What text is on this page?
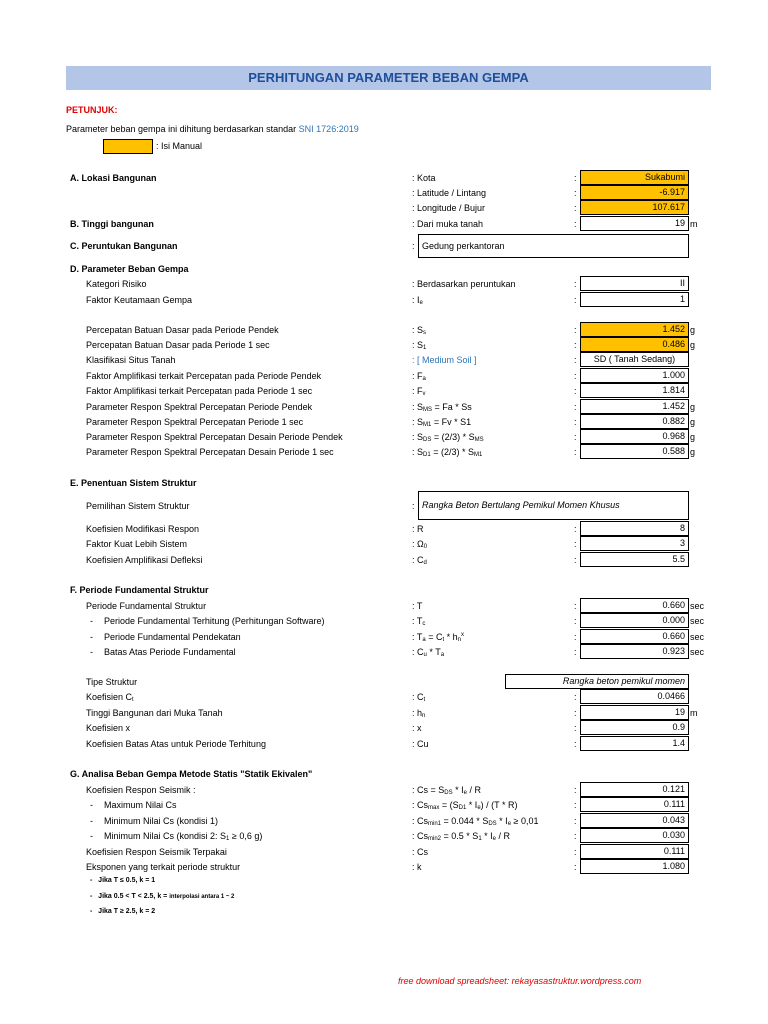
PERHITUNGAN PARAMETER BEBAN GEMPA
PETUNJUK:
Parameter beban gempa ini dihitung berdasarkan standar SNI 1726:2019
: Isi Manual
A. Lokasi Bangunan	: Kota	:	Sukabumi
: Latitude / Lintang	:	-6.917
: Longitude / Bujur	:	107.617
B. Tinggi bangunan	: Dari muka tanah	:	19 m
C. Peruntukan Bangunan	: Gedung perkantoran
D. Parameter Beban Gempa
Kategori Risiko	: Berdasarkan peruntukan	:	II
Faktor Keutamaan Gempa	: $I_e$	:	1
Percepatan Batuan Dasar pada Periode Pendek	: $S_s$	:	1.452 g
Percepatan Batuan Dasar pada Periode 1 sec	: $S_1$	:	0.486 g
Klasifikasi Situs Tanah	: [ Medium Soil ]	:	SD ( Tanah Sedang)
Faktor Amplifikasi terkait Percepatan pada Periode Pendek	: $F_a$	:	1.000
Faktor Amplifikasi terkait Percepatan pada Periode 1 sec	: $F_v$	:	1.814
Parameter Respon Spektral Percepatan Periode Pendek	: $S_{MS} = Fa * Ss$	:	1.452 g
Parameter Respon Spektral Percepatan Periode 1 sec	: $S_{M1} = Fv * S1$	:	0.882 g
Parameter Respon Spektral Percepatan Desain Periode Pendek	: $S_{DS} = (2/3) * S_{MS}$	:	0.968 g
Parameter Respon Spektral Percepatan Desain Periode 1 sec	: $S_{D1} = (2/3) * S_{M1}$	:	0.588 g
E. Penentuan Sistem Struktur
Pemilihan Sistem Struktur	: Rangka Beton Bertulang Pemikul Momen Khusus
Koefisien Modifikasi Respon	: R	:	8
Faktor Kuat Lebih Sistem	: $\Omega_0$	:	3
Koefisien Amplifikasi Defleksi	: $C_d$	:	5.5
F. Periode Fundamental Struktur
Periode Fundamental Struktur	: T	:	0.660 sec
- Periode Fundamental Terhitung (Perhitungan Software)	: $T_c$	:	0.000 sec
- Periode Fundamental Pendekatan	: $T_a = C_t * h_n^x$	:	0.660 sec
- Batas Atas Periode Fundamental	: $C_u * T_a$	:	0.923 sec
Tipe Struktur	Rangka beton pemikul momen
Koefisien $C_t$	: $C_t$	:	0.0466
Tinggi Bangunan dari Muka Tanah	: $h_n$	:	19 m
Koefisien x	: x	:	0.9
Koefisien Batas Atas untuk Periode Terhitung	: Cu	:	1.4
G. Analisa Beban Gempa Metode Statis "Statik Ekivalen"
Koefisien Respon Seismik :	: $Cs = S_{DS} * I_e / R$	:	0.121
- Maximum Nilai Cs	: $Cs_{max} = (S_{D1} * I_e) / (T * R)$	:	0.111
- Minimum Nilai Cs (kondisi 1)	: $Cs_{min1} = 0.044 * S_{DS} * I_e \ge 0,01$	:	0.043
- Minimum Nilai Cs (kondisi 2: $S_1 \ge 0,6$ g)	: $Cs_{min2} = 0.5 * S_1 * I_e / R$	:	0.030
Koefisien Respon Seismik Terpakai	: Cs	:	0.111
Eksponen yang terkait periode struktur	: k	:	1.080
-   Jika T ≤ 0.5, k = 1
-   Jika 0.5 < T < 2.5, k = interpolasi antara 1 ~ 2
-   Jika T ≥ 2.5, k = 2
free download spreadsheet: rekayasastruktur.wordpress.com
